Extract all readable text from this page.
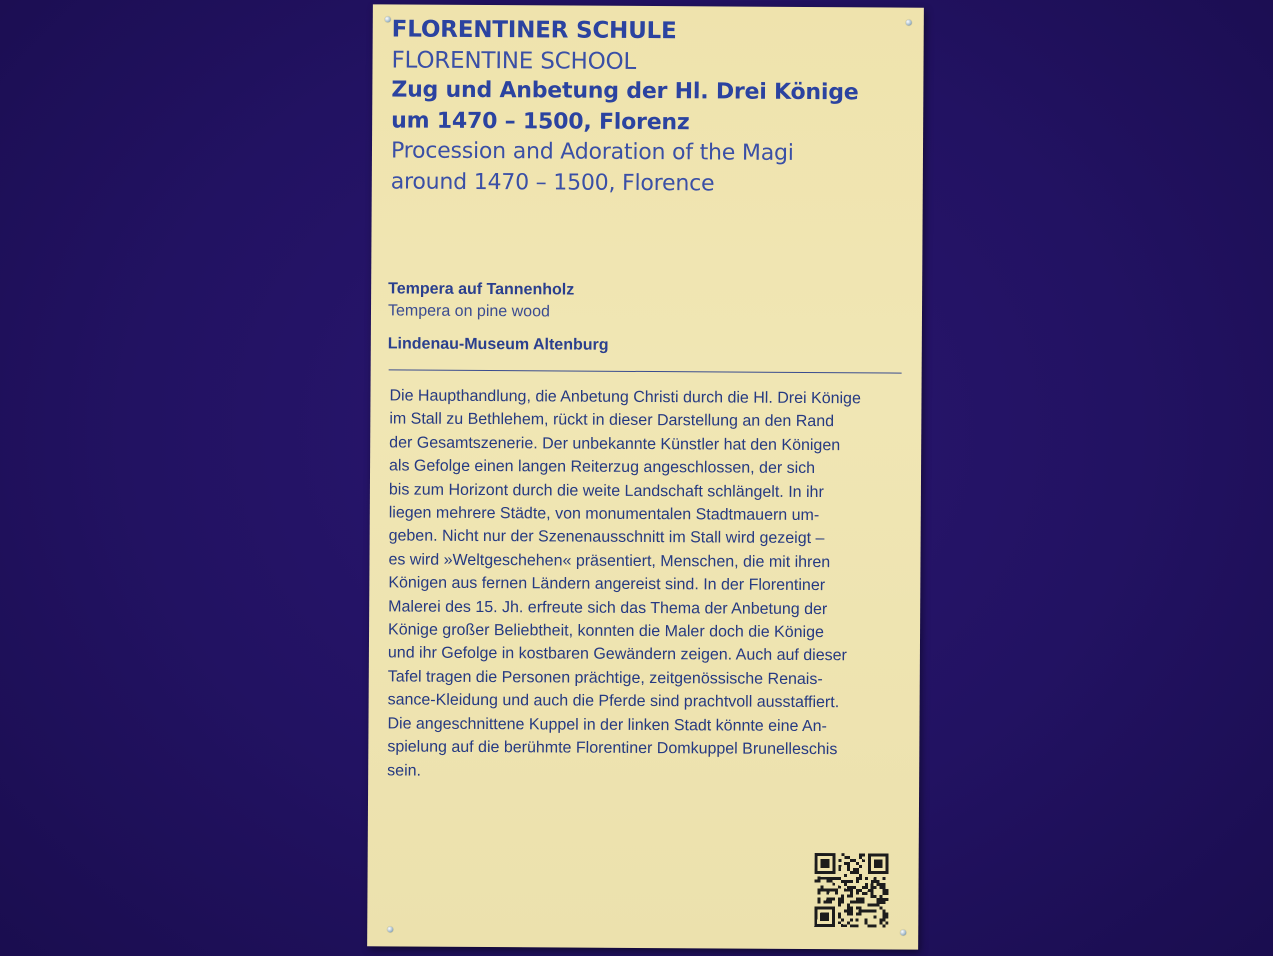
FLORENTINER SCHULE
FLORENTINE SCHOOL
Zug und Anbetung der Hl. Drei Könige
um 1470 – 1500, Florenz
Procession and Adoration of the Magi
around 1470 – 1500, Florence
Tempera auf Tannenholz
Tempera on pine wood
Lindenau-Museum Altenburg
Die Haupthandlung, die Anbetung Christi durch die Hl. Drei Könige
im Stall zu Bethlehem, rückt in dieser Darstellung an den Rand
der Gesamtszenerie. Der unbekannte Künstler hat den Königen
als Gefolge einen langen Reiterzug angeschlossen, der sich
bis zum Horizont durch die weite Landschaft schlängelt. In ihr
liegen mehrere Städte, von monumentalen Stadtmauern um-
geben. Nicht nur der Szenenausschnitt im Stall wird gezeigt –
es wird »Weltgeschehen« präsentiert, Menschen, die mit ihren
Königen aus fernen Ländern angereist sind. In der Florentiner
Malerei des 15. Jh. erfreute sich das Thema der Anbetung der
Könige großer Beliebtheit, konnten die Maler doch die Könige
und ihr Gefolge in kostbaren Gewändern zeigen. Auch auf dieser
Tafel tragen die Personen prächtige, zeitgenössische Renais-
sance-Kleidung und auch die Pferde sind prachtvoll ausstaffiert.
Die angeschnittene Kuppel in der linken Stadt könnte eine An-
spielung auf die berühmte Florentiner Domkuppel Brunelleschis
sein.
